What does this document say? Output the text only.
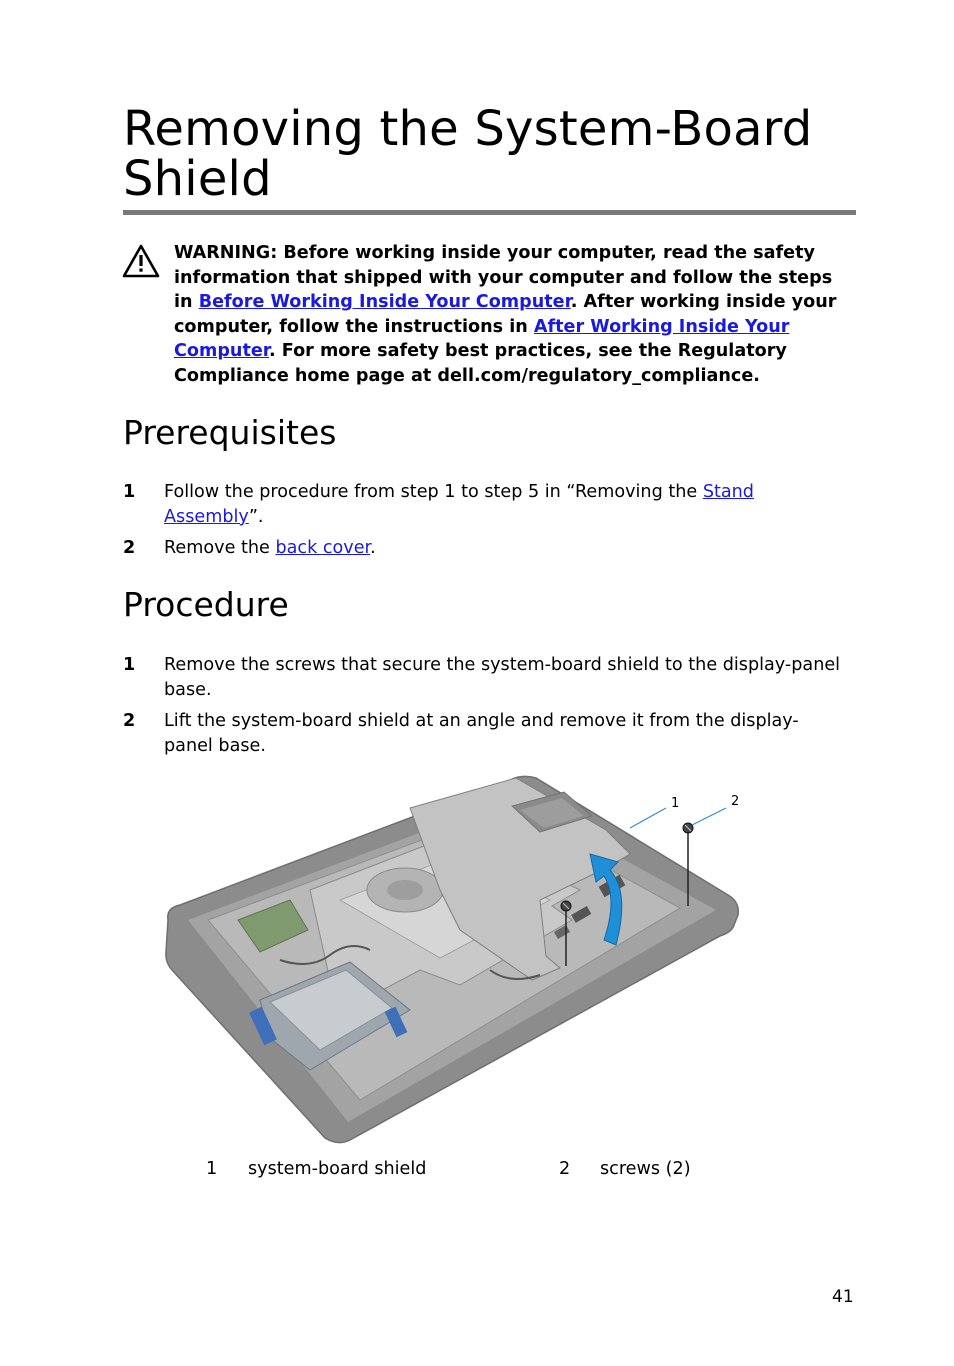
Removing the System-Board
Shield

WARNING: Before working inside your computer, read the safety information that shipped with your computer and follow the steps in Before Working Inside Your Computer. After working inside your computer, follow the instructions in After Working Inside Your Computer. For more safety best practices, see the Regulatory Compliance home page at dell.com/regulatory_compliance.

Prerequisites
1 Follow the procedure from step 1 to step 5 in “Removing the Stand Assembly”.
2 Remove the back cover.
Procedure
1 Remove the screws that secure the system-board shield to the display-panel base.
2 Lift the system-board shield at an angle and remove it from the display-panel base.
1	2
1 system-board shield	2 screws (2)
41
